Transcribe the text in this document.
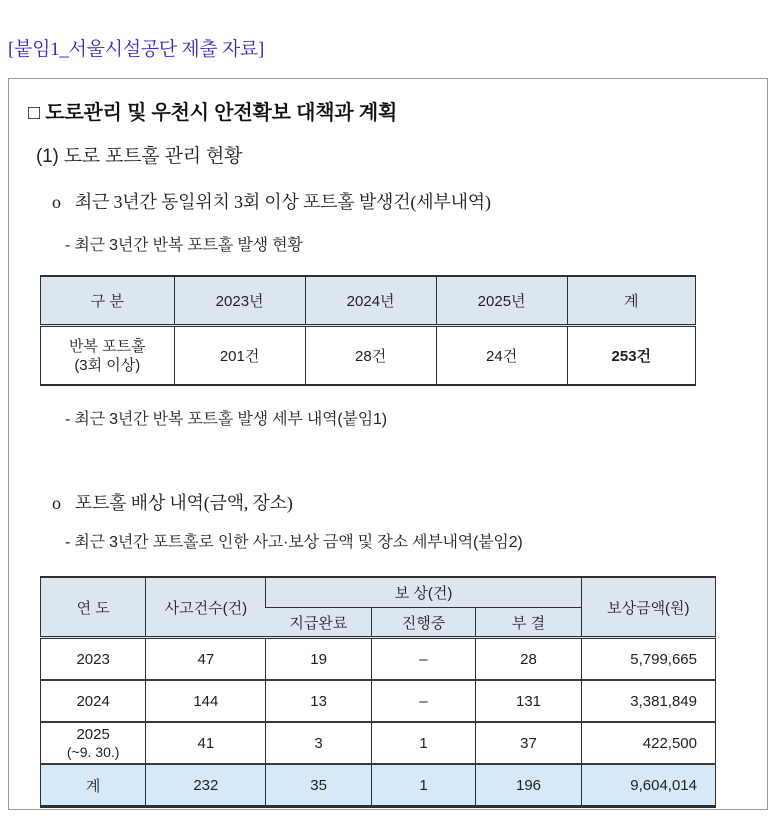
[붙임1_서울시설공단 제출 자료]
□ 도로관리 및 우천시 안전확보 대책과 계획
(1) 도로 포트홀 관리 현황
o 최근 3년간 동일위치 3회 이상 포트홀 발생건(세부내역)
- 최근 3년간 반복 포트홀 발생 현황
구 분	2023년	2024년	2025년	계

반복 포트홀
(3회 이상)	201건	28건	24건	253건
- 최근 3년간 반복 포트홀 발생 세부 내역(붙임1)
o 포트홀 배상 내역(금액, 장소)
- 최근 3년간 포트홀로 인한 사고·보상 금액 및 장소 세부내역(붙임2)
연 도	사고건수(건)	보 상(건)			보상금액(원)
		지급완료	진행중	부 결	
2023	47	19	–	28	5,799,665
2024	144	13	–	131	3,381,849

2025
(~9. 30.)	41	3	1	37	422,500
계	232	35	1	196	9,604,014
